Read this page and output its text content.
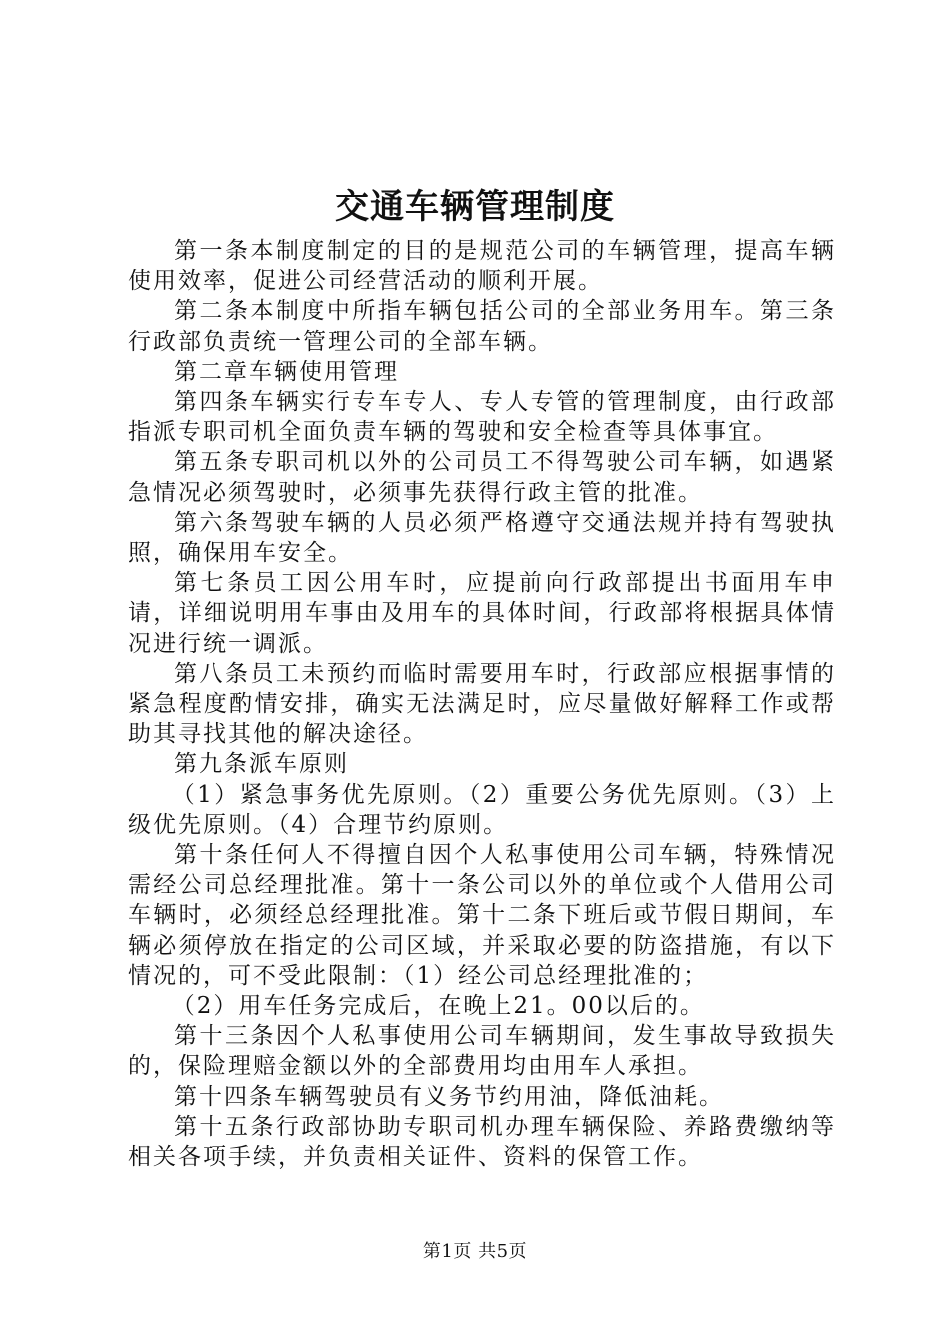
交通车辆管理制度

第一条本制度制定的目的是规范公司的车辆管理，提高车辆使用效率，促进公司经营活动的顺利开展。

第二条本制度中所指车辆包括公司的全部业务用车。第三条行政部负责统一管理公司的全部车辆。

第二章车辆使用管理

第四条车辆实行专车专人、专人专管的管理制度，由行政部指派专职司机全面负责车辆的驾驶和安全检查等具体事宜。

第五条专职司机以外的公司员工不得驾驶公司车辆，如遇紧急情况必须驾驶时，必须事先获得行政主管的批准。

第六条驾驶车辆的人员必须严格遵守交通法规并持有驾驶执照，确保用车安全。

第七条员工因公用车时，应提前向行政部提出书面用车申请，详细说明用车事由及用车的具体时间，行政部将根据具体情况进行统一调派。

第八条员工未预约而临时需要用车时，行政部应根据事情的紧急程度酌情安排，确实无法满足时，应尽量做好解释工作或帮助其寻找其他的解决途径。

第九条派车原则

（1）紧急事务优先原则。（2）重要公务优先原则。（3）上级优先原则。（4）合理节约原则。

第十条任何人不得擅自因个人私事使用公司车辆，特殊情况需经公司总经理批准。第十一条公司以外的单位或个人借用公司车辆时，必须经总经理批准。第十二条下班后或节假日期间，车辆必须停放在指定的公司区域，并采取必要的防盗措施，有以下情况的，可不受此限制：（1）经公司总经理批准的；

（2）用车任务完成后，在晚上21。00以后的。

第十三条因个人私事使用公司车辆期间，发生事故导致损失的，保险理赔金额以外的全部费用均由用车人承担。

第十四条车辆驾驶员有义务节约用油，降低油耗。

第十五条行政部协助专职司机办理车辆保险、养路费缴纳等相关各项手续，并负责相关证件、资料的保管工作。

第1页 共5页
